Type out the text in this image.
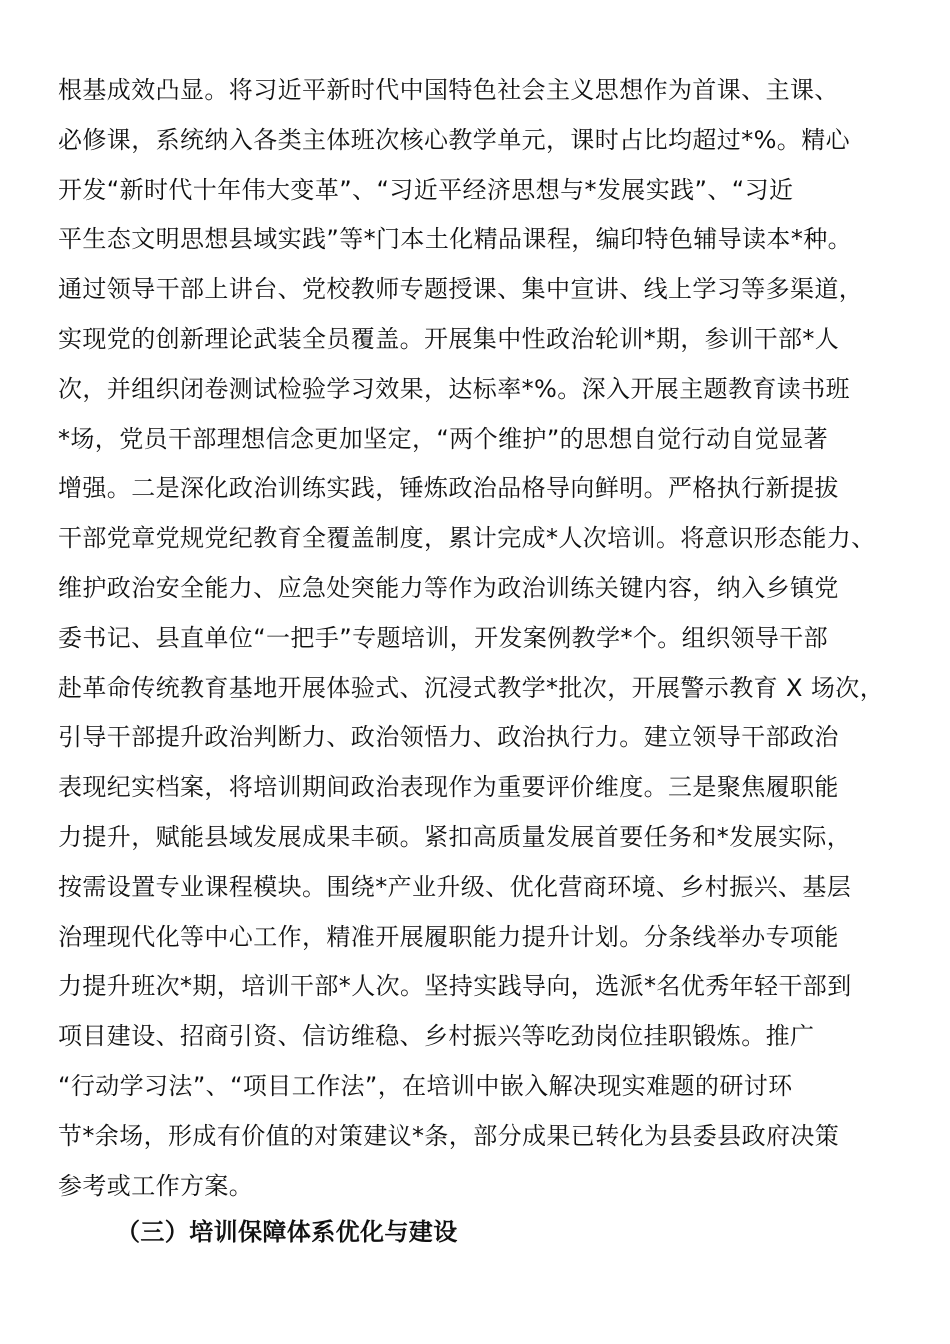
根基成效凸显。将习近平新时代中国特色社会主义思想作为首课、主课、
必修课，系统纳入各类主体班次核心教学单元，课时占比均超过*%。精心
开发“新时代十年伟大变革”、“习近平经济思想与*发展实践”、“习近
平生态文明思想县域实践”等*门本土化精品课程，编印特色辅导读本*种。
通过领导干部上讲台、党校教师专题授课、集中宣讲、线上学习等多渠道，
实现党的创新理论武装全员覆盖。开展集中性政治轮训*期，参训干部*人
次，并组织闭卷测试检验学习效果，达标率*%。深入开展主题教育读书班
*场，党员干部理想信念更加坚定，“两个维护”的思想自觉行动自觉显著
增强。二是深化政治训练实践，锤炼政治品格导向鲜明。严格执行新提拔
干部党章党规党纪教育全覆盖制度，累计完成*人次培训。将意识形态能力、
维护政治安全能力、应急处突能力等作为政治训练关键内容，纳入乡镇党
委书记、县直单位“一把手”专题培训，开发案例教学*个。组织领导干部
赴革命传统教育基地开展体验式、沉浸式教学*批次，开展警示教育 X 场次，
引导干部提升政治判断力、政治领悟力、政治执行力。建立领导干部政治
表现纪实档案，将培训期间政治表现作为重要评价维度。三是聚焦履职能
力提升，赋能县域发展成果丰硕。紧扣高质量发展首要任务和*发展实际，
按需设置专业课程模块。围绕*产业升级、优化营商环境、乡村振兴、基层
治理现代化等中心工作，精准开展履职能力提升计划。分条线举办专项能
力提升班次*期，培训干部*人次。坚持实践导向，选派*名优秀年轻干部到
项目建设、招商引资、信访维稳、乡村振兴等吃劲岗位挂职锻炼。推广
“行动学习法”、“项目工作法”，在培训中嵌入解决现实难题的研讨环
节*余场，形成有价值的对策建议*条，部分成果已转化为县委县政府决策
参考或工作方案。
（三）培训保障体系优化与建设
